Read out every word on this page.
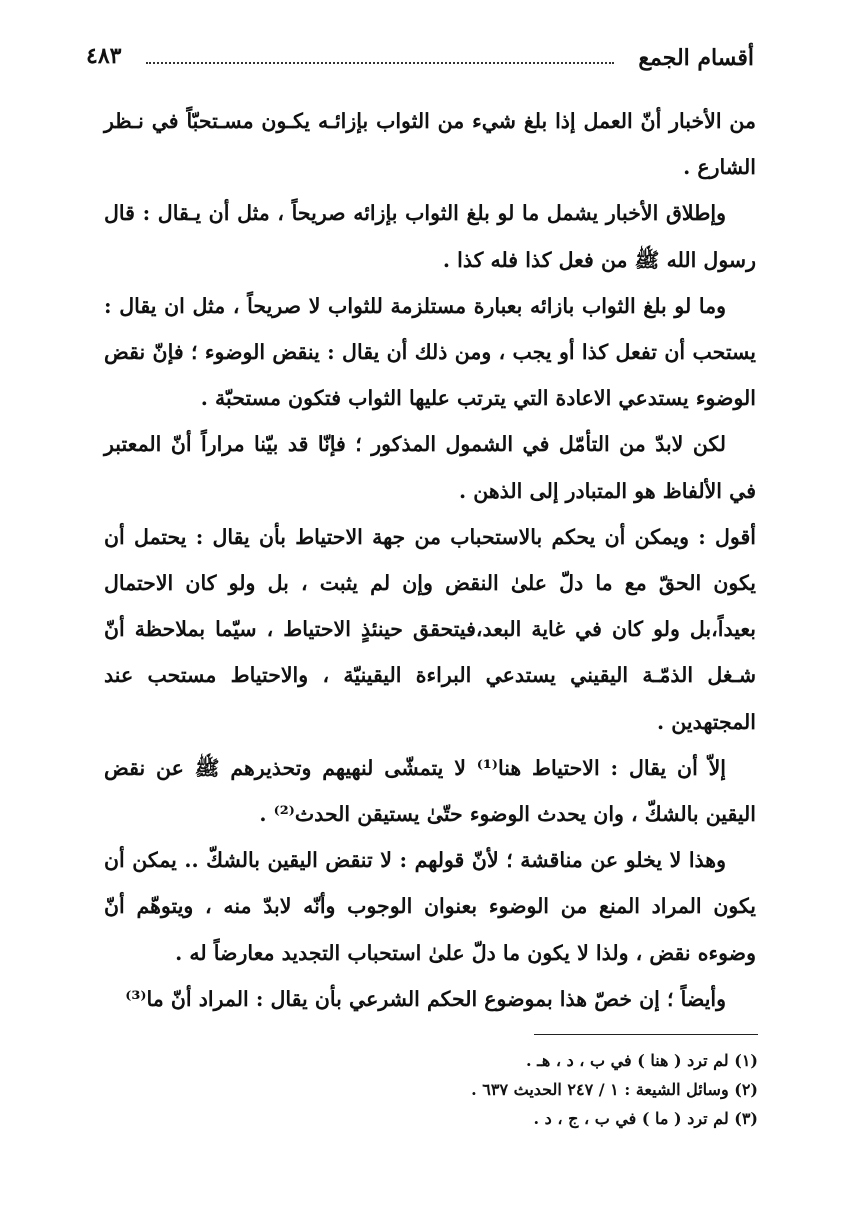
أقسام الجمع
٤٨٣

من الأخبار أنّ العمل إذا بلغ شيء من الثواب بإزائـه يكـون مسـتحبّاً في نـظر الشارع .

وإطلاق الأخبار يشمل ما لو بلغ الثواب بإزائه صريحاً ، مثل أن يـقال : قال رسول الله ﷺ من فعل كذا فله كذا .

وما لو بلغ الثواب بازائه بعبارة مستلزمة للثواب لا صريحاً ، مثل ان يقال : يستحب أن تفعل كذا أو يجب ، ومن ذلك أن يقال : ينقض الوضوء ؛ فإنّ نقض الوضوء يستدعي الاعادة التي يترتب عليها الثواب فتكون مستحبّة .

لكن لابدّ من التأمّل في الشمول المذكور ؛ فإنّا قد بيّنا مراراً أنّ المعتبر في الألفاظ هو المتبادر إلى الذهن .

أقول : ويمكن أن يحكم بالاستحباب من جهة الاحتياط بأن يقال : يحتمل أن يكون الحقّ مع ما دلّ علىٰ النقض وإن لم يثبت ، بل ولو كان الاحتمال بعيداً،بل ولو كان في غاية البعد،فيتحقق حينئذٍ الاحتياط ، سيّما بملاحظة أنّ شـغل الذمّـة اليقيني يستدعي البراءة اليقينيّة ، والاحتياط مستحب عند المجتهدين .

إلاّ أن يقال : الاحتياط هنا⁽¹⁾ لا يتمشّى لنهيهم وتحذيرهم ﷺ عن نقض اليقين بالشكّ ، وان يحدث الوضوء حتّىٰ يستيقن الحدث⁽²⁾ .

وهذا لا يخلو عن مناقشة ؛ لأنّ قولهم : لا تنقض اليقين بالشكّ .. يمكن أن يكون المراد المنع من الوضوء بعنوان الوجوب وأنّه لابدّ منه ، ويتوهّم أنّ وضوءه نقض ، ولذا لا يكون ما دلّ علىٰ استحباب التجديد معارضاً له .

وأيضاً ؛ إن خصّ هذا بموضوع الحكم الشرعي بأن يقال : المراد أنّ ما⁽³⁾

(١) لم ترد ( هنا ) في ب ، د ، هـ .

(٢) وسائل الشيعة : ١ / ٢٤٧ الحديث ٦٣٧ .

(٣) لم ترد ( ما ) في ب ، ج ، د .
